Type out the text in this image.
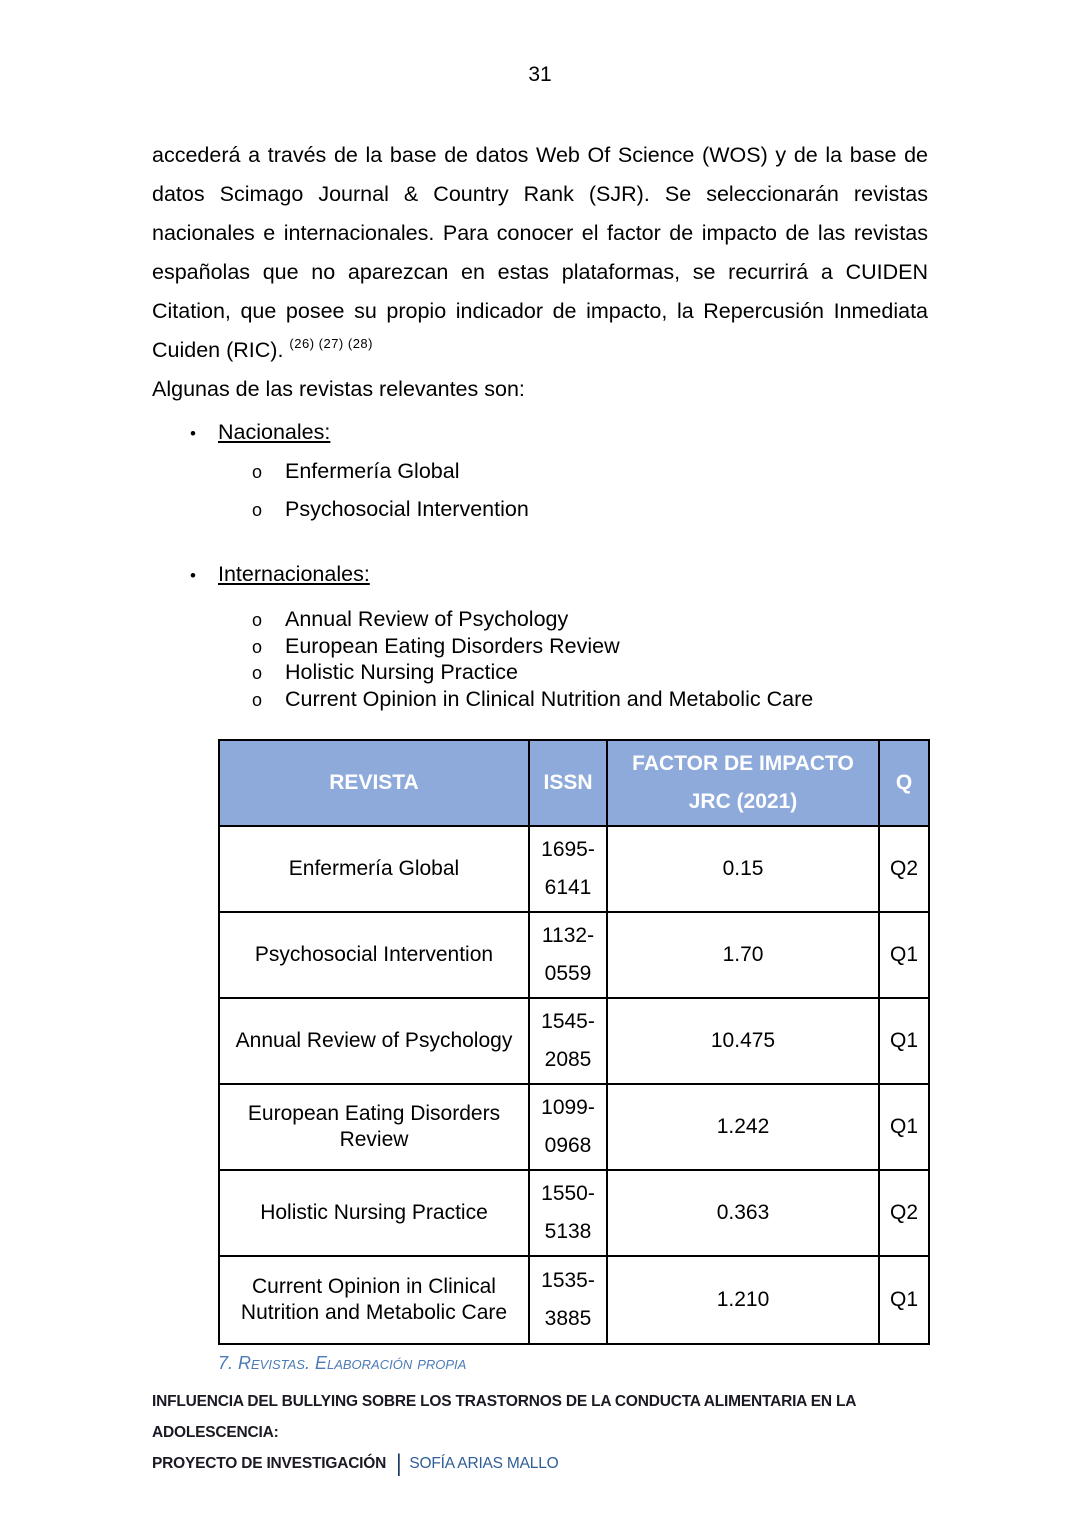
31

accederá a través de la base de datos Web Of Science (WOS) y de la base de datos Scimago Journal & Country Rank (SJR). Se seleccionarán revistas nacionales e internacionales. Para conocer el factor de impacto de las revistas españolas que no aparezcan en estas plataformas, se recurrirá a CUIDEN Citation, que posee su propio indicador de impacto, la Repercusión Inmediata Cuiden (RIC). $^{(26) (27) (28)}$

Algunas de las revistas relevantes son:

• Nacionales:
o Enfermería Global
o Psychosocial Intervention
• Internacionales:
o Annual Review of Psychology
o European Eating Disorders Review
o Holistic Nursing Practice
o Current Opinion in Clinical Nutrition and Metabolic Care
REVISTA	ISSN	FACTOR DE IMPACTO JRC (2021)	Q
Enfermería Global	1695-6141	0.15	Q2
Psychosocial Intervention	1132-0559	1.70	Q1
Annual Review of Psychology	1545-2085	10.475	Q1
European Eating Disorders Review	1099-0968	1.242	Q1
Holistic Nursing Practice	1550-5138	0.363	Q2
Current Opinion in Clinical Nutrition and Metabolic Care	1535-3885	1.210	Q1
7. Revistas. Elaboración propia
INFLUENCIA DEL BULLYING SOBRE LOS TRASTORNOS DE LA CONDUCTA ALIMENTARIA EN LA ADOLESCENCIA:
PROYECTO DE INVESTIGACIÓN | SOFÍA ARIAS MALLO
